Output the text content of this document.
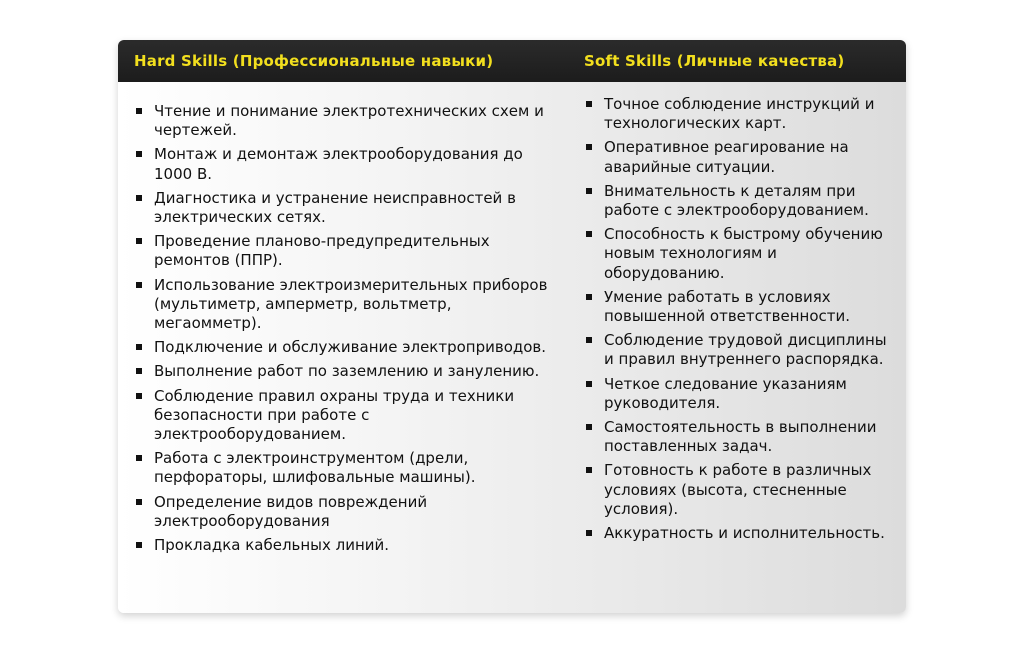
Hard Skills (Профессиональные навыки)	Soft Skills (Личные качества)
Чтение и понимание электротехнических схем и чертежей.
Монтаж и демонтаж электрооборудования до 1000 В.
Диагностика и устранение неисправностей в электрических сетях.
Проведение планово-предупредительных ремонтов (ППР).
Использование электроизмерительных приборов (мультиметр, амперметр, вольтметр, мегаомметр).
Подключение и обслуживание электроприводов.
Выполнение работ по заземлению и занулению.
Соблюдение правил охраны труда и техники безопасности при работе с электрооборудованием.
Работа с электроинструментом (дрели, перфораторы, шлифовальные машины).
Определение видов повреждений электрооборудования
Прокладка кабельных линий.
Точное соблюдение инструкций и технологических карт.
Оперативное реагирование на аварийные ситуации.
Внимательность к деталям при работе с электрооборудованием.
Способность к быстрому обучению новым технологиям и оборудованию.
Умение работать в условиях повышенной ответственности.
Соблюдение трудовой дисциплины и правил внутреннего распорядка.
Четкое следование указаниям руководителя.
Самостоятельность в выполнении поставленных задач.
Готовность к работе в различных условиях (высота, стесненные условия).
Аккуратность и исполнительность.
